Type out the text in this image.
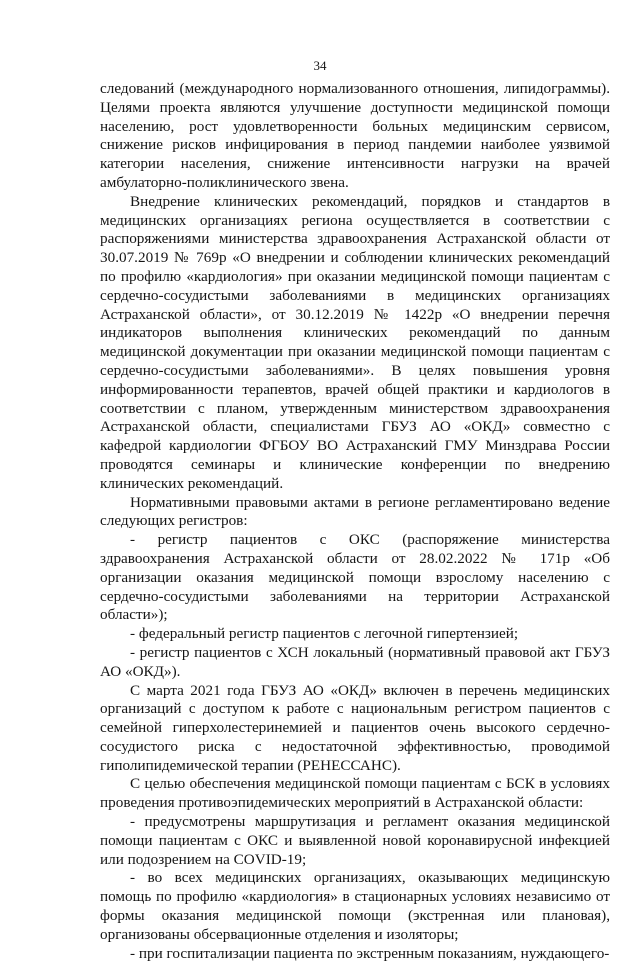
34

следований (международного нормализованного отношения, липидограммы). Целями проекта являются улучшение доступности медицинской помощи населению, рост удовлетворенности больных медицинским сервисом, снижение рисков инфицирования в период пандемии наиболее уязвимой категории населения, снижение интенсивности нагрузки на врачей амбулаторно-поликлинического звена.

Внедрение клинических рекомендаций, порядков и стандартов в медицинских организациях региона осуществляется в соответствии с распоряжениями министерства здравоохранения Астраханской области от 30.07.2019 № 769р «О внедрении и соблюдении клинических рекомендаций по профилю «кардиология» при оказании медицинской помощи пациентам с сердечно-сосудистыми заболеваниями в медицинских организациях Астраханской области», от 30.12.2019 № 1422р «О внедрении перечня индикаторов выполнения клинических рекомендаций по данным медицинской документации при оказании медицинской помощи пациентам с сердечно-сосудистыми заболеваниями». В целях повышения уровня информированности терапевтов, врачей общей практики и кардиологов в соответствии с планом, утвержденным министерством здравоохранения Астраханской области, специалистами ГБУЗ АО «ОКД» совместно с кафедрой кардиологии ФГБОУ ВО Астраханский ГМУ Минздрава России проводятся семинары и клинические конференции по внедрению клинических рекомендаций.

Нормативными правовыми актами в регионе регламентировано ведение следующих регистров:

- регистр пациентов с ОКС (распоряжение министерства здравоохранения Астраханской области от 28.02.2022 № 171р «Об организации оказания медицинской помощи взрослому населению с сердечно-сосудистыми заболеваниями на территории Астраханской области»);

- федеральный регистр пациентов с легочной гипертензией;

- регистр пациентов с ХСН локальный (нормативный правовой акт ГБУЗ АО «ОКД»).

С марта 2021 года ГБУЗ АО «ОКД» включен в перечень медицинских организаций с доступом к работе с национальным регистром пациентов с семейной гиперхолестеринемией и пациентов очень высокого сердечно-сосудистого риска с недостаточной эффективностью, проводимой гиполипидемической терапии (РЕНЕССАНС).

С целью обеспечения медицинской помощи пациентам с БСК в условиях проведения противоэпидемических мероприятий в Астраханской области:

- предусмотрены маршрутизация и регламент оказания медицинской помощи пациентам с ОКС и выявленной новой коронавирусной инфекцией или подозрением на COVID-19;

- во всех медицинских организациях, оказывающих медицинскую помощь по профилю «кардиология» в стационарных условиях независимо от формы оказания медицинской помощи (экстренная или плановая), организованы обсервационные отделения и изоляторы;

- при госпитализации пациента по экстренным показаниям, нуждающего-
